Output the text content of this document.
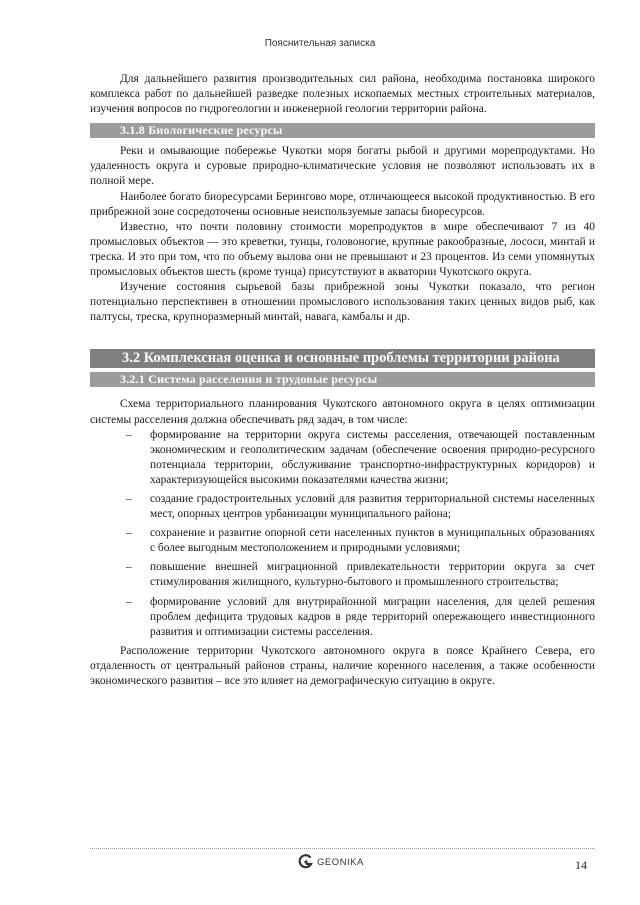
Пояснительная записка

Для дальнейшего развития производительных сил района, необходима постановка широкого комплекса работ по дальнейшей разведке полезных ископаемых местных строительных материалов, изучения вопросов по гидрогеологии и инженерной геологии территории района.

3.1.8 Биологические ресурсы

Реки и омывающие побережье Чукотки моря богаты рыбой и другими морепродуктами. Но удаленность округа и суровые природно-климатические условия не позволяют использовать их в полной мере.

Наиболее богато биоресурсами Берингово море, отличающееся высокой продуктивностью. В его прибрежной зоне сосредоточены основные неиспользуемые запасы биоресурсов.

Известно, что почти половину стоимости морепродуктов в мире обеспечивают 7 из 40 промысловых объектов — это креветки, тунцы, головоногие, крупные ракообразные, лососи, минтай и треска. И это при том, что по объему вылова они не превышают и 23 процентов. Из семи упомянутых промысловых объектов шесть (кроме тунца) присутствуют в акватории Чукотского округа.

Изучение состояния сырьевой базы прибрежной зоны Чукотки показало, что регион потенциально перспективен в отношении промыслового использования таких ценных видов рыб, как палтусы, треска, крупноразмерный минтай, навага, камбалы и др.

3.2 Комплексная оценка и основные проблемы территории района
3.2.1 Система расселения и трудовые ресурсы

Схема территориального планирования Чукотского автономного округа в целях оптимизации системы расселения должна обеспечивать ряд задач, в том числе:

– формирование на территории округа системы расселения, отвечающей поставленным экономическим и геополитическим задачам (обеспечение освоения природно-ресурсного потенциала территории, обслуживание транспортно-инфраструктурных коридоров) и характеризующейся высокими показателями качества жизни;
– создание градостроительных условий для развития территориальной системы населенных мест, опорных центров урбанизации муниципального района;
– сохранение и развитие опорной сети населенных пунктов в муниципальных образованиях с более выгодным местоположением и природными условиями;
– повышение внешней миграционной привлекательности территории округа за счет стимулирования жилищного, культурно-бытового и промышленного строительства;
– формирование условий для внутрирайонной миграции населения, для целей решения проблем дефицита трудовых кадров в ряде территорий опережающего инвестиционного развития и оптимизации системы расселения.

Расположение территории Чукотского автономного округа в поясе Крайнего Севера, его отдаленность от центральный районов страны, наличие коренного населения, а также особенности экономического развития – все это влияет на демографическую ситуацию в округе.

GEONIKA	14
